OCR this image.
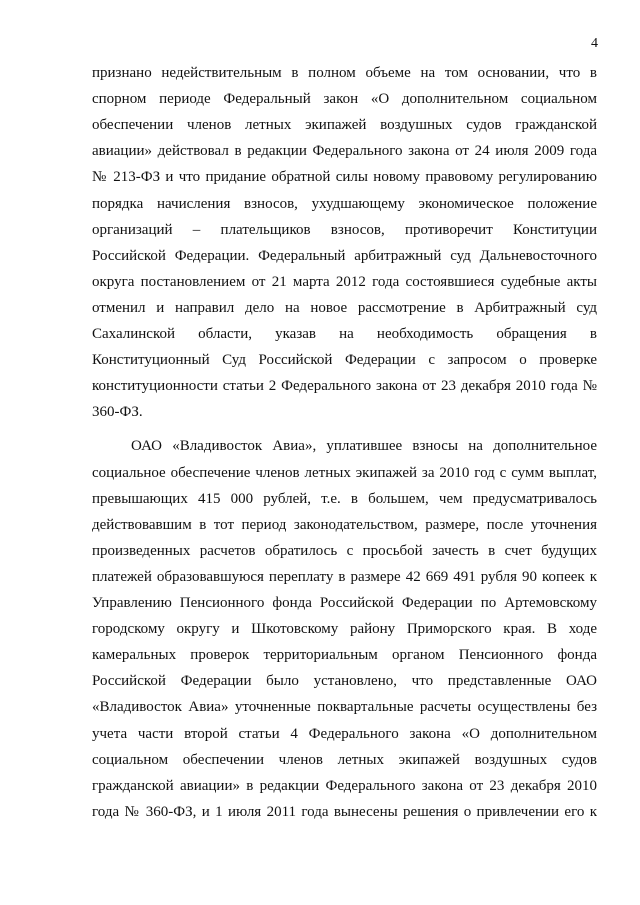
4
признано недействительным в полном объеме на том основании, что в
спорном периоде Федеральный закон «О дополнительном социальном
обеспечении членов летных экипажей воздушных судов гражданской
авиации» действовал в редакции Федерального закона от 24 июля 2009 года
№ 213-ФЗ и что придание обратной силы новому правовому регулированию
порядка начисления взносов, ухудшающему экономическое положение
организаций – плательщиков взносов, противоречит Конституции
Российской Федерации. Федеральный арбитражный суд Дальневосточного
округа постановлением от 21 марта 2012 года состоявшиеся судебные акты
отменил и направил дело на новое рассмотрение в Арбитражный суд
Сахалинской области, указав на необходимость обращения в
Конституционный Суд Российской Федерации с запросом о проверке
конституционности статьи 2 Федерального закона от 23 декабря 2010 года №
360-ФЗ.
ОАО «Владивосток Авиа», уплатившее взносы на дополнительное
социальное обеспечение членов летных экипажей за 2010 год с сумм выплат,
превышающих 415 000 рублей, т.е. в большем, чем предусматривалось
действовавшим в тот период законодательством, размере, после уточнения
произведенных расчетов обратилось с просьбой зачесть в счет будущих
платежей образовавшуюся переплату в размере 42 669 491 рубля 90 копеек к
Управлению Пенсионного фонда Российской Федерации по Артемовскому
городскому округу и Шкотовскому району Приморского края. В ходе
камеральных проверок территориальным органом Пенсионного фонда
Российской Федерации было установлено, что представленные ОАО
«Владивосток Авиа» уточненные поквартальные расчеты осуществлены без
учета части второй статьи 4 Федерального закона «О дополнительном
социальном обеспечении членов летных экипажей воздушных судов
гражданской авиации» в редакции Федерального закона от 23 декабря 2010
года № 360-ФЗ, и 1 июля 2011 года вынесены решения о привлечении его к
